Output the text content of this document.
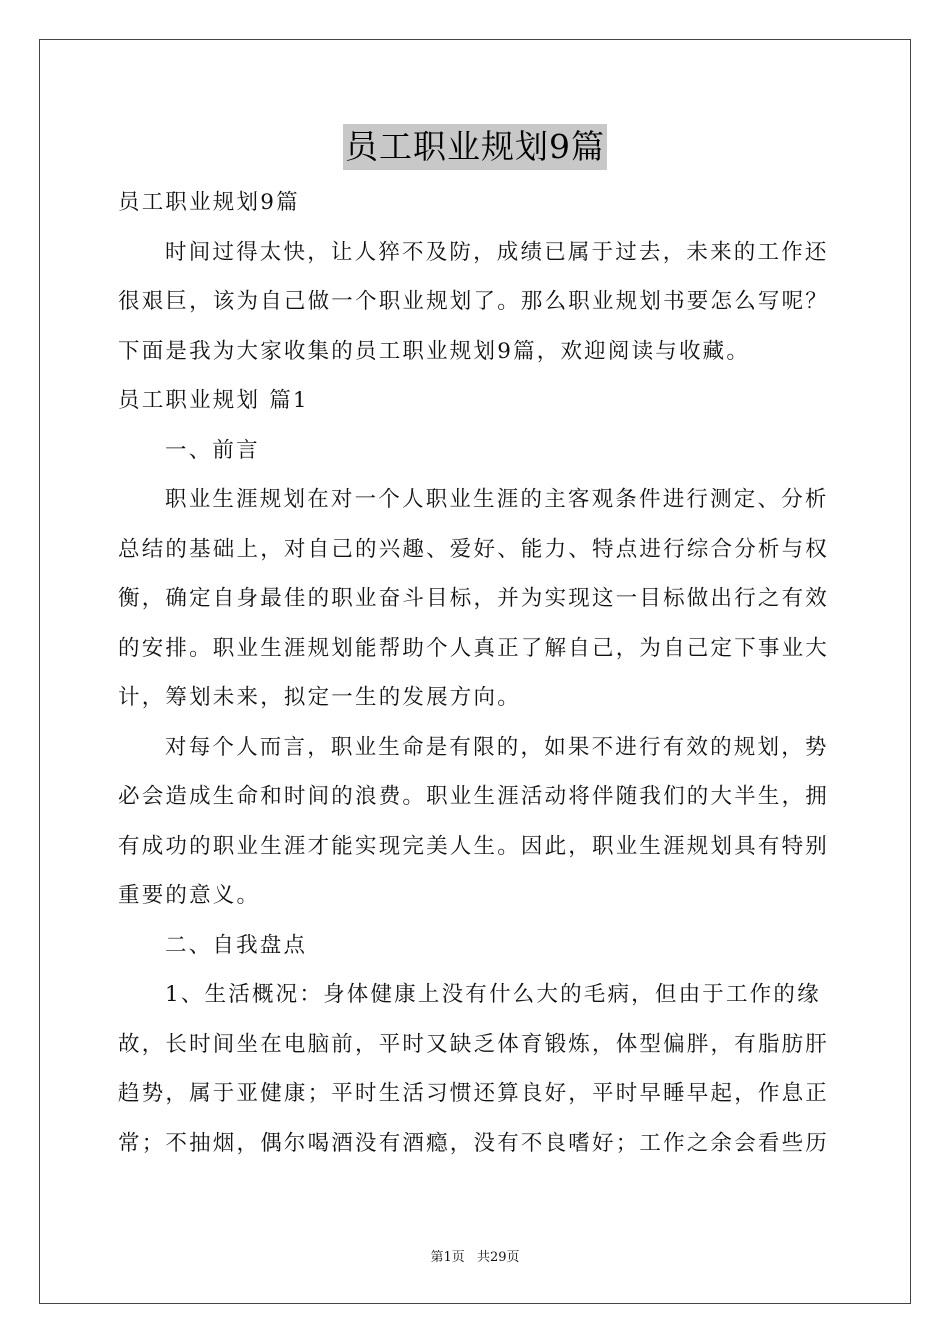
员工职业规划9篇
员工职业规划9篇
时间过得太快，让人猝不及防，成绩已属于过去，未来的工作还
很艰巨，该为自己做一个职业规划了。那么职业规划书要怎么写呢？
下面是我为大家收集的员工职业规划9篇，欢迎阅读与收藏。
员工职业规划 篇1
一、前言
职业生涯规划在对一个人职业生涯的主客观条件进行测定、分析
总结的基础上，对自己的兴趣、爱好、能力、特点进行综合分析与权
衡，确定自身最佳的职业奋斗目标，并为实现这一目标做出行之有效
的安排。职业生涯规划能帮助个人真正了解自己，为自己定下事业大
计，筹划未来，拟定一生的发展方向。
对每个人而言，职业生命是有限的，如果不进行有效的规划，势
必会造成生命和时间的浪费。职业生涯活动将伴随我们的大半生，拥
有成功的职业生涯才能实现完美人生。因此，职业生涯规划具有特别
重要的意义。
二、自我盘点
1、生活概况：身体健康上没有什么大的毛病，但由于工作的缘
故，长时间坐在电脑前，平时又缺乏体育锻炼，体型偏胖，有脂肪肝
趋势，属于亚健康；平时生活习惯还算良好，平时早睡早起，作息正
常；不抽烟，偶尔喝酒没有酒瘾，没有不良嗜好；工作之余会看些历
第1页 共29页
